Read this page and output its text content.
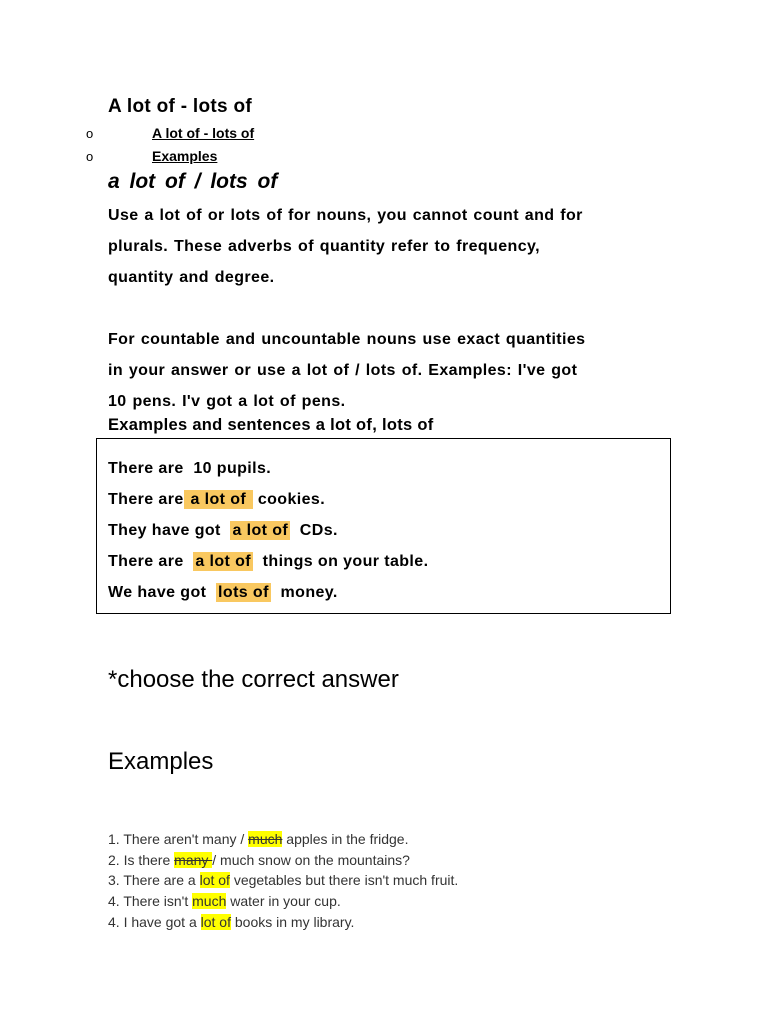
A lot of - lots of
o	A lot of - lots of
o	Examples
a lot of / lots of
Use a lot of or lots of for nouns, you cannot count and for
plurals. These adverbs of quantity refer to frequency,
quantity and degree.
For countable and uncountable nouns use exact quantities
in your answer or use a lot of / lots of. Examples: I've got
10 pens. I'v got a lot of pens.
Examples and sentences a lot of, lots of
There are  10 pupils.
There are a lot of  cookies.
They have got  a lot of  CDs.
There are  a lot of  things on your table.
We have got  lots of  money.
*choose the correct answer
Examples
1. There aren't many / much apples in the fridge.
2. Is there many / much snow on the mountains?
3. There are a lot of vegetables but there isn't much fruit.
4. There isn't much water in your cup.
4. I have got a lot of books in my library.
